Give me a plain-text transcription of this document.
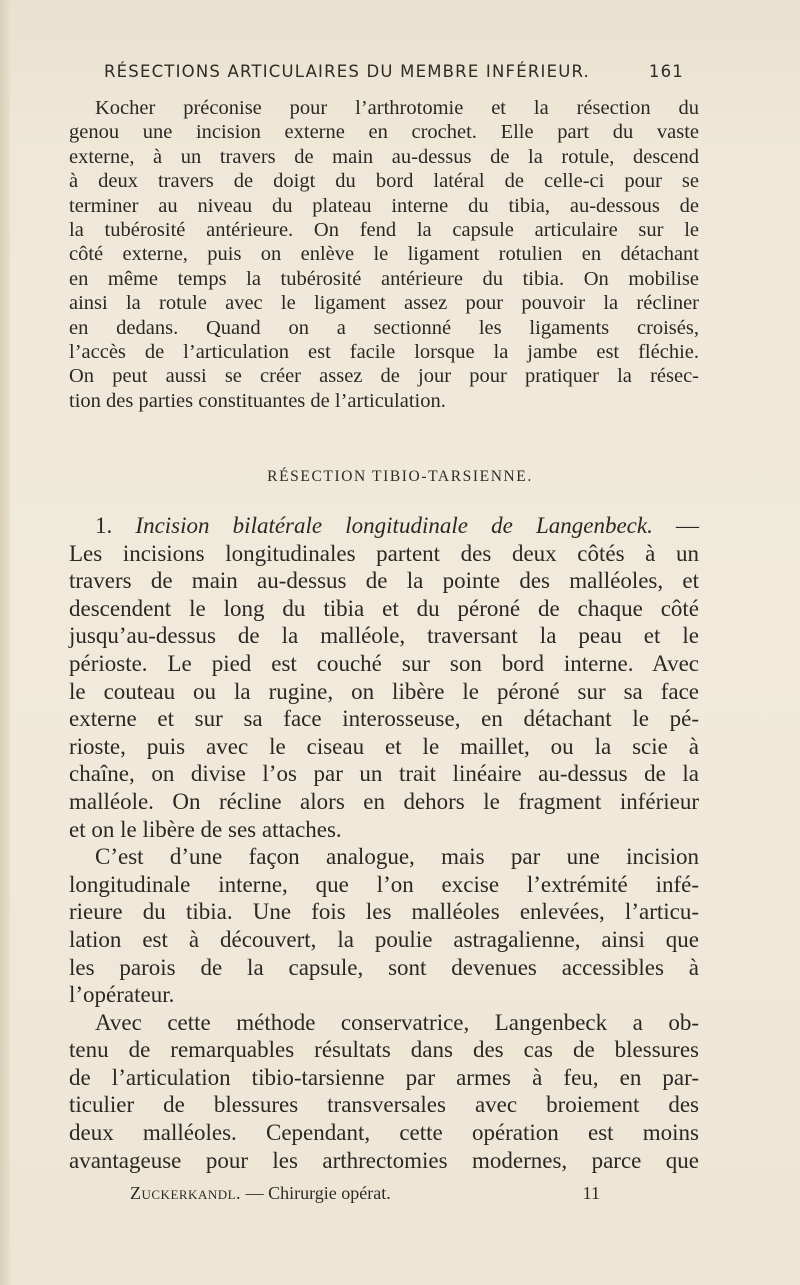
RÉSECTIONS ARTICULAIRES DU MEMBRE INFÉRIEUR.	161
Kocher préconise pour l’arthrotomie et la résection du
genou une incision externe en crochet. Elle part du vaste
externe, à un travers de main au-dessus de la rotule, descend
à deux travers de doigt du bord latéral de celle-ci pour se
terminer au niveau du plateau interne du tibia, au-dessous de
la tubérosité antérieure. On fend la capsule articulaire sur le
côté externe, puis on enlève le ligament rotulien en détachant
en même temps la tubérosité antérieure du tibia. On mobilise
ainsi la rotule avec le ligament assez pour pouvoir la récliner
en dedans. Quand on a sectionné les ligaments croisés,
l’accès de l’articulation est facile lorsque la jambe est fléchie.
On peut aussi se créer assez de jour pour pratiquer la résec-
tion des parties constituantes de l’articulation.
RÉSECTION TIBIO-TARSIENNE.
1. Incision bilatérale longitudinale de Langenbeck. —
Les incisions longitudinales partent des deux côtés à un
travers de main au-dessus de la pointe des malléoles, et
descendent le long du tibia et du péroné de chaque côté
jusqu’au-dessus de la malléole, traversant la peau et le
périoste. Le pied est couché sur son bord interne. Avec
le couteau ou la rugine, on libère le péroné sur sa face
externe et sur sa face interosseuse, en détachant le pé-
rioste, puis avec le ciseau et le maillet, ou la scie à
chaîne, on divise l’os par un trait linéaire au-dessus de la
malléole. On récline alors en dehors le fragment inférieur
et on le libère de ses attaches.
C’est d’une façon analogue, mais par une incision
longitudinale interne, que l’on excise l’extrémité infé-
rieure du tibia. Une fois les malléoles enlevées, l’articu-
lation est à découvert, la poulie astragalienne, ainsi que
les parois de la capsule, sont devenues accessibles à
l’opérateur.
Avec cette méthode conservatrice, Langenbeck a ob-
tenu de remarquables résultats dans des cas de blessures
de l’articulation tibio-tarsienne par armes à feu, en par-
ticulier de blessures transversales avec broiement des
deux malléoles. Cependant, cette opération est moins
avantageuse pour les arthrectomies modernes, parce que
Zuckerkandl. — Chirurgie opérat.	11
